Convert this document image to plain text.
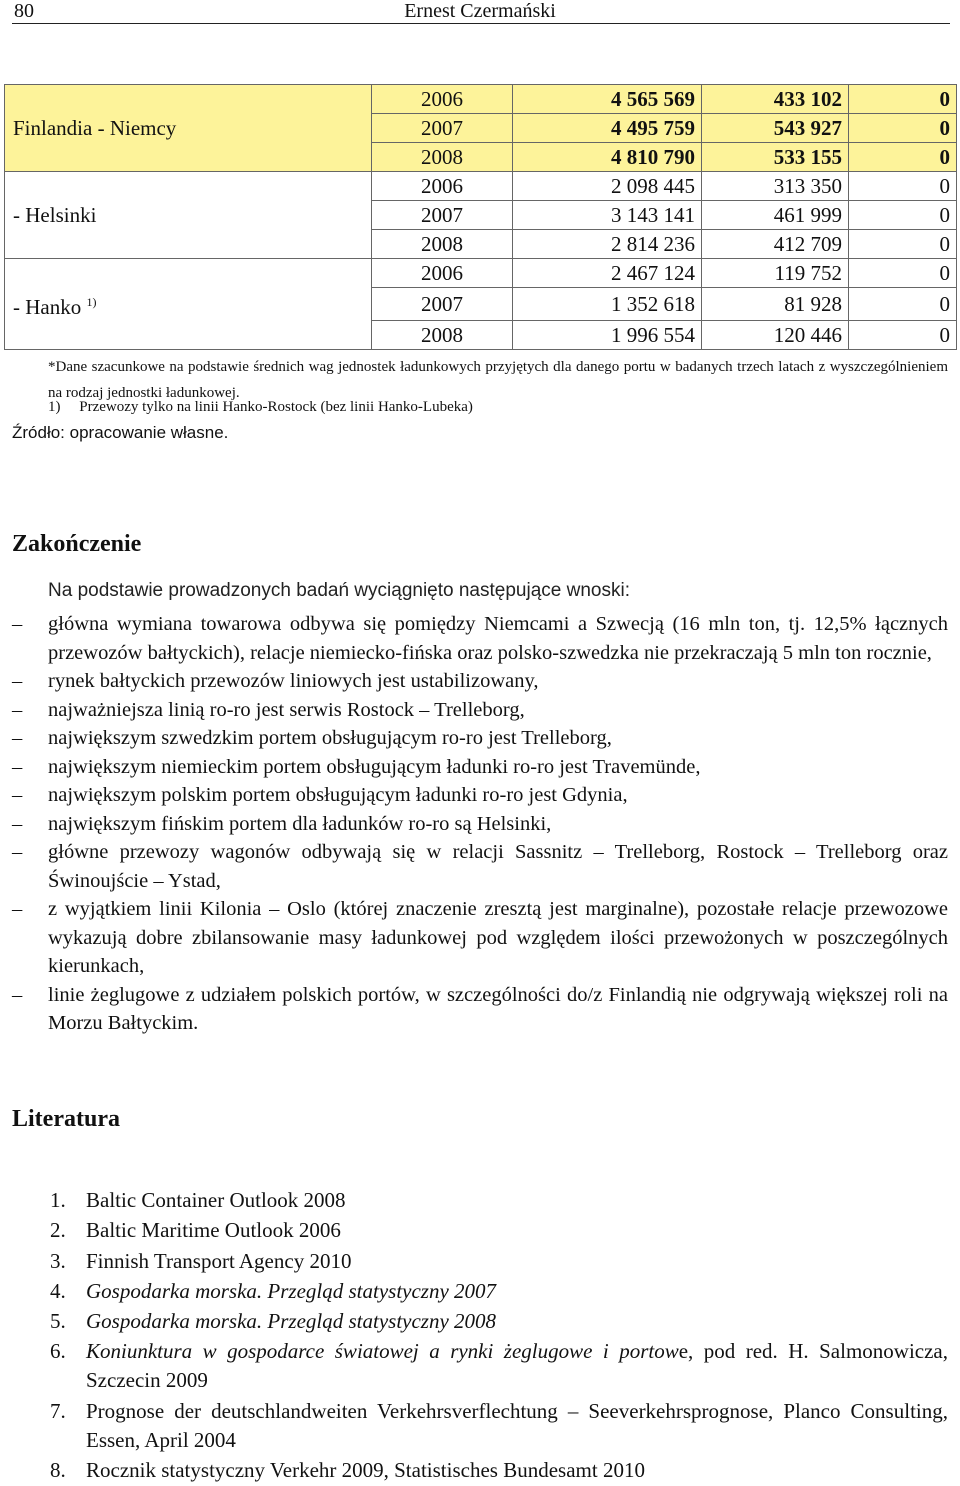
80	Ernest Czermański
	2006	4 565 569	433 102	0
Finlandia - Niemcy	2007	4 495 759	543 927	0
	2008	4 810 790	533 155	0
	2006	2 098 445	313 350	0
- Helsinki	2007	3 143 141	461 999	0
	2008	2 814 236	412 709	0
	2006	2 467 124	119 752	0
- Hanko $^{1)}$	2007	1 352 618	81 928	0
	2008	1 996 554	120 446	0
*Dane szacunkowe na podstawie średnich wag jednostek ładunkowych przyjętych dla danego portu w badanych trzech latach z wyszczególnieniem na rodzaj jednostki ładunkowej.
1) Przewozy tylko na linii Hanko-Rostock (bez linii Hanko-Lubeka)
Źródło: opracowanie własne.
Zakończenie
Na podstawie prowadzonych badań wyciągnięto następujące wnoski:
– główna wymiana towarowa odbywa się pomiędzy Niemcami a Szwecją (16 mln ton, tj. 12,5% łącznych przewozów bałtyckich), relacje niemiecko-fińska oraz polsko-szwedzka nie przekraczają 5 mln ton rocznie,
– rynek bałtyckich przewozów liniowych jest ustabilizowany,
– najważniejsza linią ro-ro jest serwis Rostock – Trelleborg,
– największym szwedzkim portem obsługującym ro-ro jest Trelleborg,
– największym niemieckim portem obsługującym ładunki ro-ro jest Travemünde,
– największym polskim portem obsługującym ładunki ro-ro jest Gdynia,
– największym fińskim portem dla ładunków ro-ro są Helsinki,
– główne przewozy wagonów odbywają się w relacji Sassnitz – Trelleborg, Rostock – Trelleborg oraz Świnoujście – Ystad,
– z wyjątkiem linii Kilonia – Oslo (której znaczenie zresztą jest marginalne), pozostałe relacje przewozowe wykazują dobre zbilansowanie masy ładunkowej pod względem ilości przewożonych w poszczególnych kierunkach,
– linie żeglugowe z udziałem polskich portów, w szczególności do/z Finlandią nie odgrywają większej roli na Morzu Bałtyckim.
Literatura
1. Baltic Container Outlook 2008
2. Baltic Maritime Outlook 2006
3. Finnish Transport Agency 2010
4. Gospodarka morska. Przegląd statystyczny 2007
5. Gospodarka morska. Przegląd statystyczny 2008
6. Koniunktura w gospodarce światowej a rynki żeglugowe i portowe, pod red. H. Salmonowicza, Szczecin 2009
7. Prognose der deutschlandweiten Verkehrsverflechtung – Seeverkehrsprognose, Planco Consulting, Essen, April 2004
8. Rocznik statystyczny Verkehr 2009, Statistisches Bundesamt 2010
